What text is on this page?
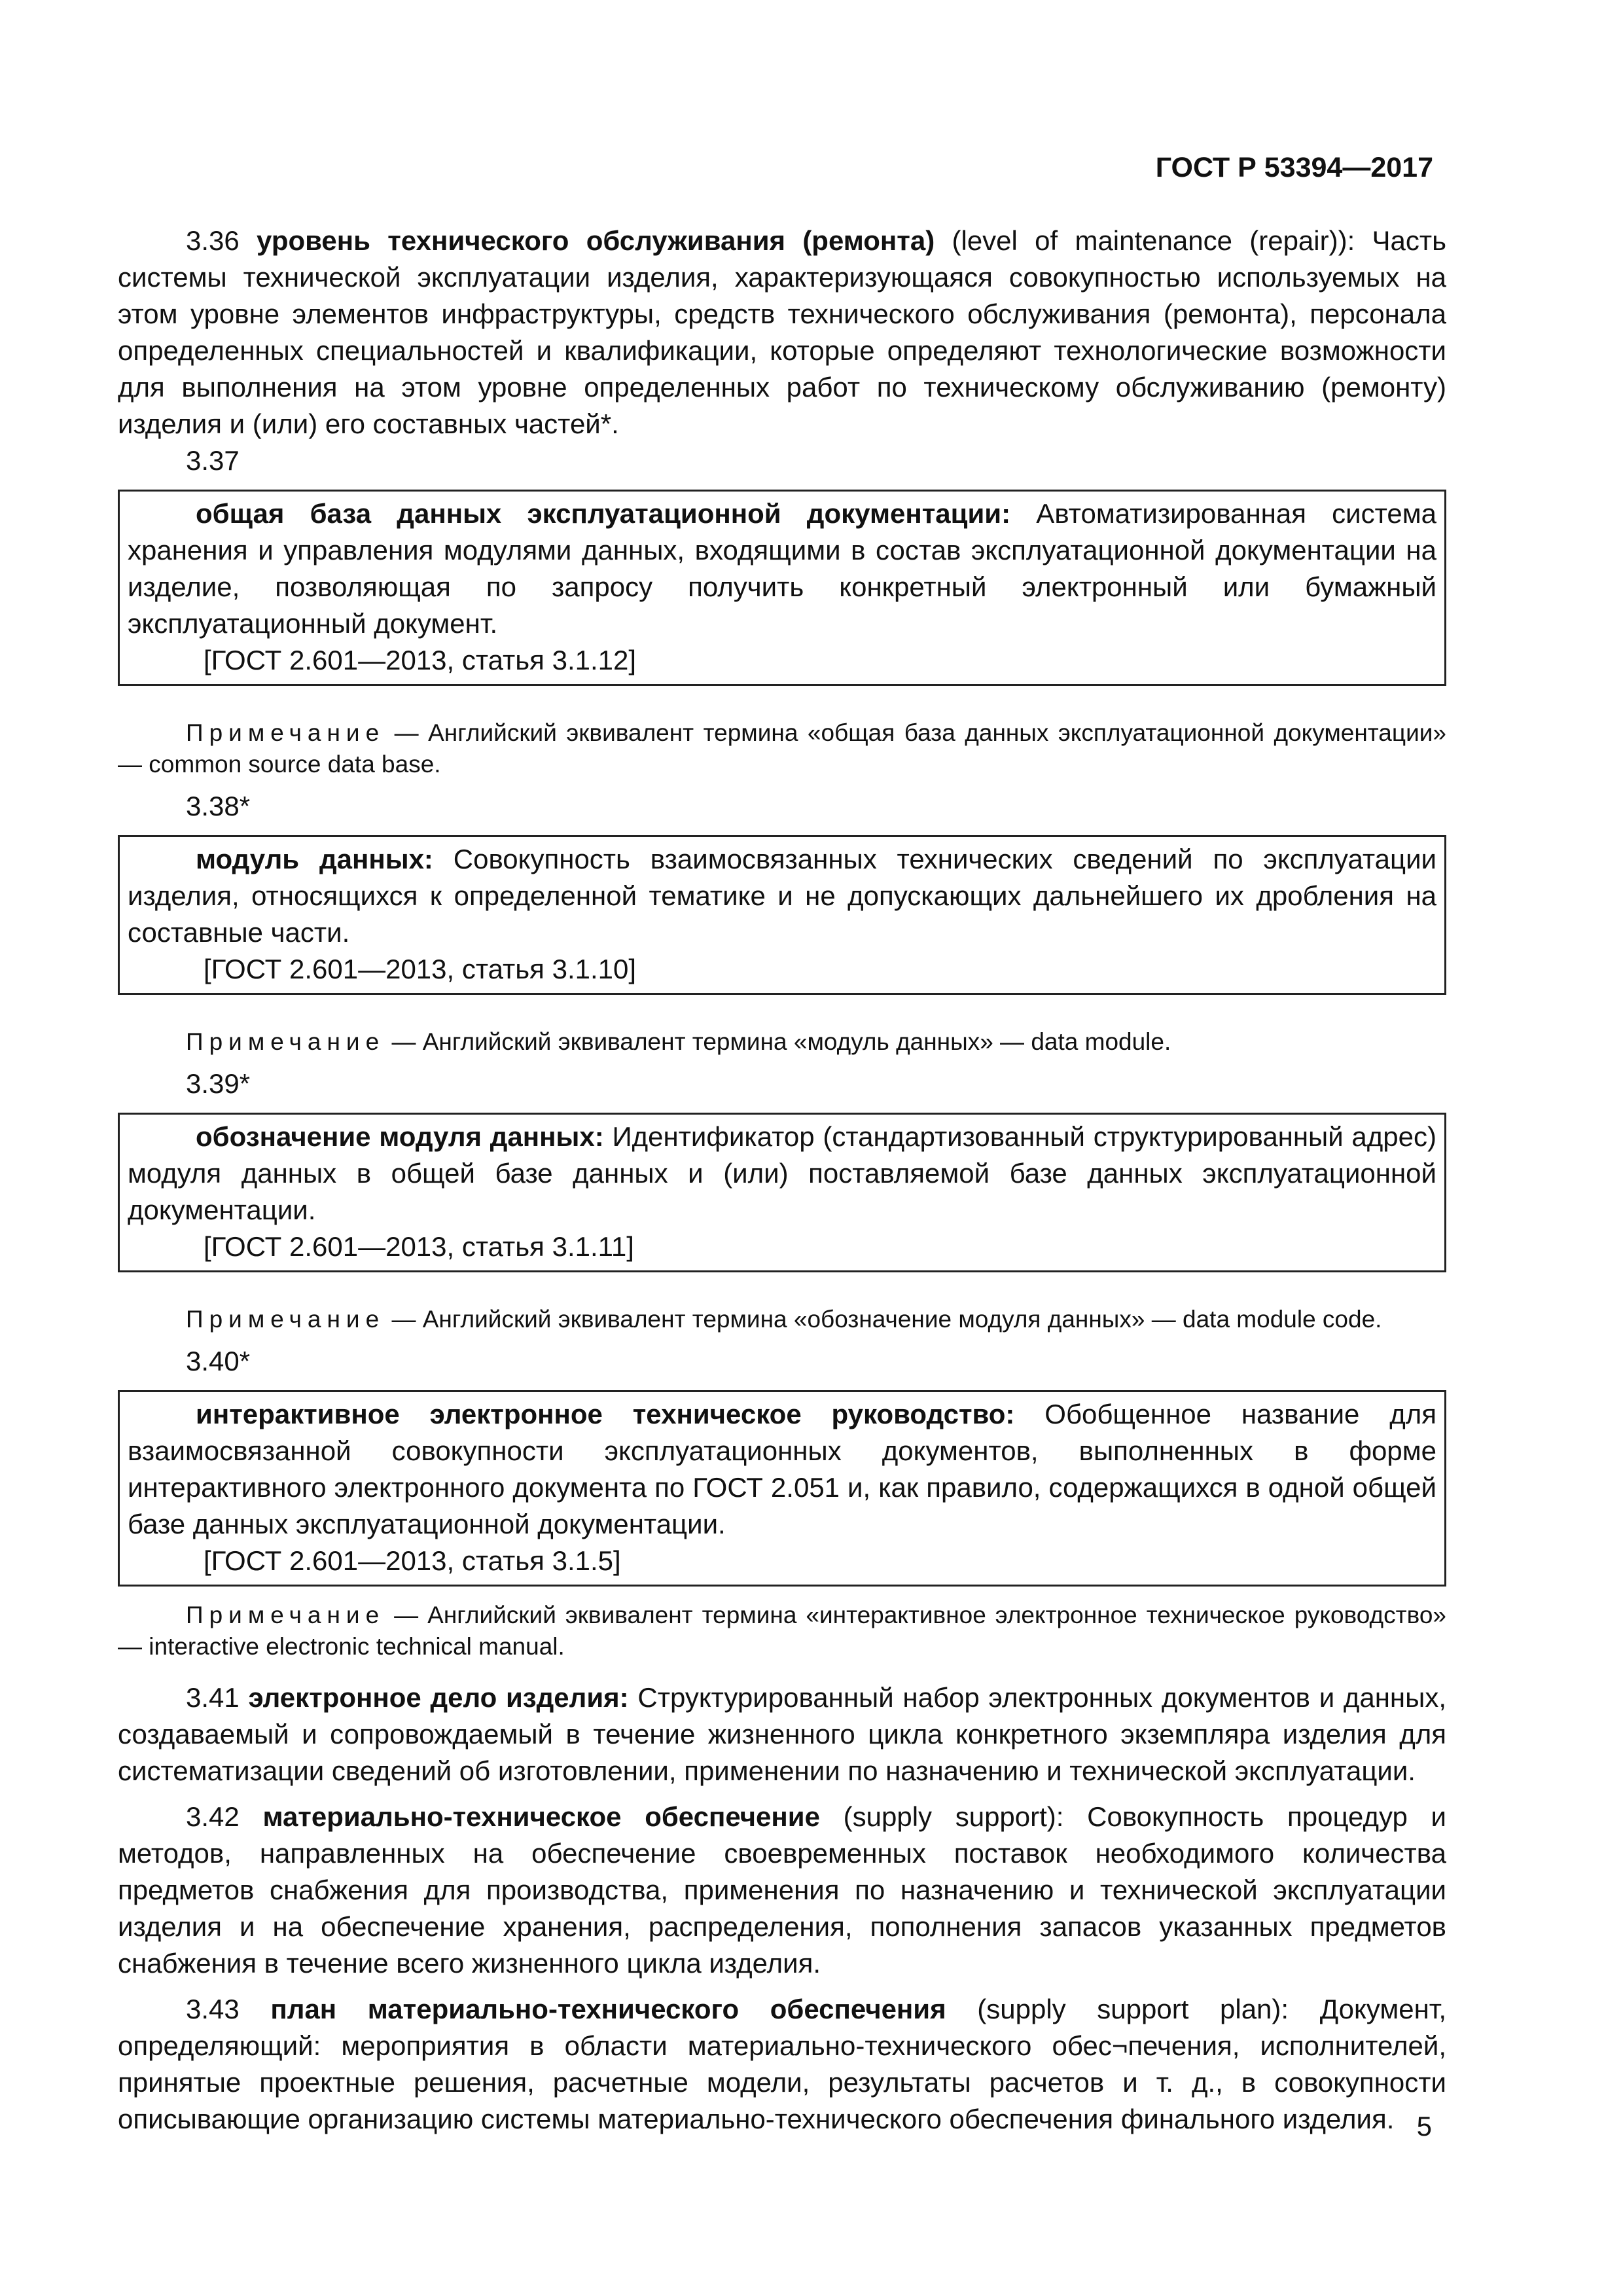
ГОСТ Р 53394—2017

3.36 уровень технического обслуживания (ремонта) (level of maintenance (repair)): Часть системы технической эксплуатации изделия, характеризующаяся совокупностью используемых на этом уровне элементов инфраструктуры, средств технического обслуживания (ремонта), персонала определенных специальностей и квалификации, которые определяют технологические возможности для выполнения на этом уровне определенных работ по техническому обслуживанию (ремонту) изделия и (или) его составных частей*.

3.37

общая база данных эксплуатационной документации: Автоматизированная система хранения и управления модулями данных, входящими в состав эксплуатационной документации на изделие, позволяющая по запросу получить конкретный электронный или бумажный эксплуатационный документ.

[ГОСТ 2.601—2013, статья 3.1.12]

Примечание — Английский эквивалент термина «общая база данных эксплуатационной документации» — common source data base.

3.38*

модуль данных: Совокупность взаимосвязанных технических сведений по эксплуатации изделия, относящихся к определенной тематике и не допускающих дальнейшего их дробления на составные части.

[ГОСТ 2.601—2013, статья 3.1.10]

Примечание — Английский эквивалент термина «модуль данных» — data module.

3.39*

обозначение модуля данных: Идентификатор (стандартизованный структурированный адрес) модуля данных в общей базе данных и (или) поставляемой базе данных эксплуатационной документации.

[ГОСТ 2.601—2013, статья 3.1.11]

Примечание — Английский эквивалент термина «обозначение модуля данных» — data module code.

3.40*

интерактивное электронное техническое руководство: Обобщенное название для взаимосвязанной совокупности эксплуатационных документов, выполненных в форме интерактивного электронного документа по ГОСТ 2.051 и, как правило, содержащихся в одной общей базе данных эксплуатационной документации.

[ГОСТ 2.601—2013, статья 3.1.5]

Примечание — Английский эквивалент термина «интерактивное электронное техническое руководство» — interactive electronic technical manual.

3.41 электронное дело изделия: Структурированный набор электронных документов и данных, создаваемый и сопровождаемый в течение жизненного цикла конкретного экземпляра изделия для систематизации сведений об изготовлении, применении по назначению и технической эксплуатации.

3.42 материально-техническое обеспечение (supply support): Совокупность процедур и методов, направленных на обеспечение своевременных поставок необходимого количества предметов снабжения для производства, применения по назначению и технической эксплуатации изделия и на обеспечение хранения, распределения, пополнения запасов указанных предметов снабжения в течение всего жизненного цикла изделия.

3.43 план материально-технического обеспечения (supply support plan): Документ, определяющий: мероприятия в области материально-технического обес¬печения, исполнителей, принятые проектные решения, расчетные модели, результаты расчетов и т. д., в совокупности описывающие организацию системы материально-технического обеспечения финального изделия. 5
